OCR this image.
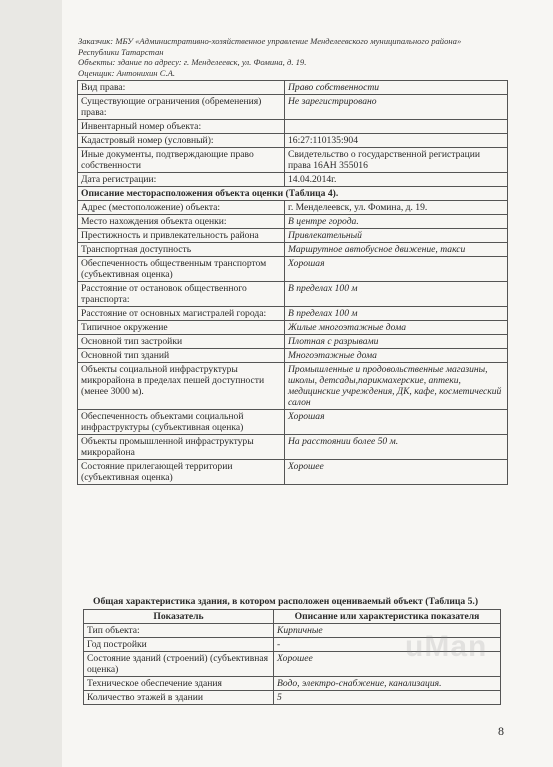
Заказчик: МБУ «Административно-хозяйственное управление Менделеевского муниципального района»
Республики Татарстан
Объекты: здание по адресу: г. Менделеевск, ул. Фомина, д. 19.
Оценщик: Антонихин С.А.
Вид права:	Право собственности
Существующие ограничения (обременения) права:	Не зарегистрировано
Инвентарный номер объекта:	
Кадастровый номер (условный):	16:27:110135:904
Иные документы, подтверждающие право собственности	Свидетельство о государственной регистрации права 16АН 355016
Дата регистрации:	14.04.2014г.
Описание месторасположения объекта оценки (Таблица 4).	
Адрес (местоположение) объекта:	г. Менделеевск, ул. Фомина, д. 19.
Место нахождения объекта оценки:	В центре города.
Престижность и привлекательность района	Привлекательный
Транспортная доступность	Маршрутное автобусное движение, такси
Обеспеченность общественным транспортом (субъективная оценка)	Хорошая
Расстояние от остановок общественного транспорта:	В пределах 100 м
Расстояние от основных магистралей города:	В пределах 100 м
Типичное окружение	Жилые многоэтажные дома
Основной тип застройки	Плотная с разрывами
Основной тип зданий	Многоэтажные дома
Объекты социальной инфраструктуры микрорайона в пределах пешей доступности (менее 3000 м).	Промышленные и продовольственные магазины, школы, детсады,парикмахерские, аптеки, медицинские учреждения, ДК, кафе, косметический салон
Обеспеченность объектами социальной инфраструктуры (субъективная оценка)	Хорошая
Объекты промышленной инфраструктуры микрорайона	На расстоянии более 50 м.
Состояние прилегающей территории (субъективная оценка)	Хорошее
Общая характеристика здания, в котором расположен оцениваемый объект (Таблица 5.)
Показатель	Описание или характеристика показателя
Тип объекта:	Кирпичные
Год постройки	-
Состояние зданий (строений) (субъективная оценка)	Хорошее
Техническое обеспечение здания	Водо, электро-снабжение, канализация.
Количество этажей в здании	5
uMan
8
